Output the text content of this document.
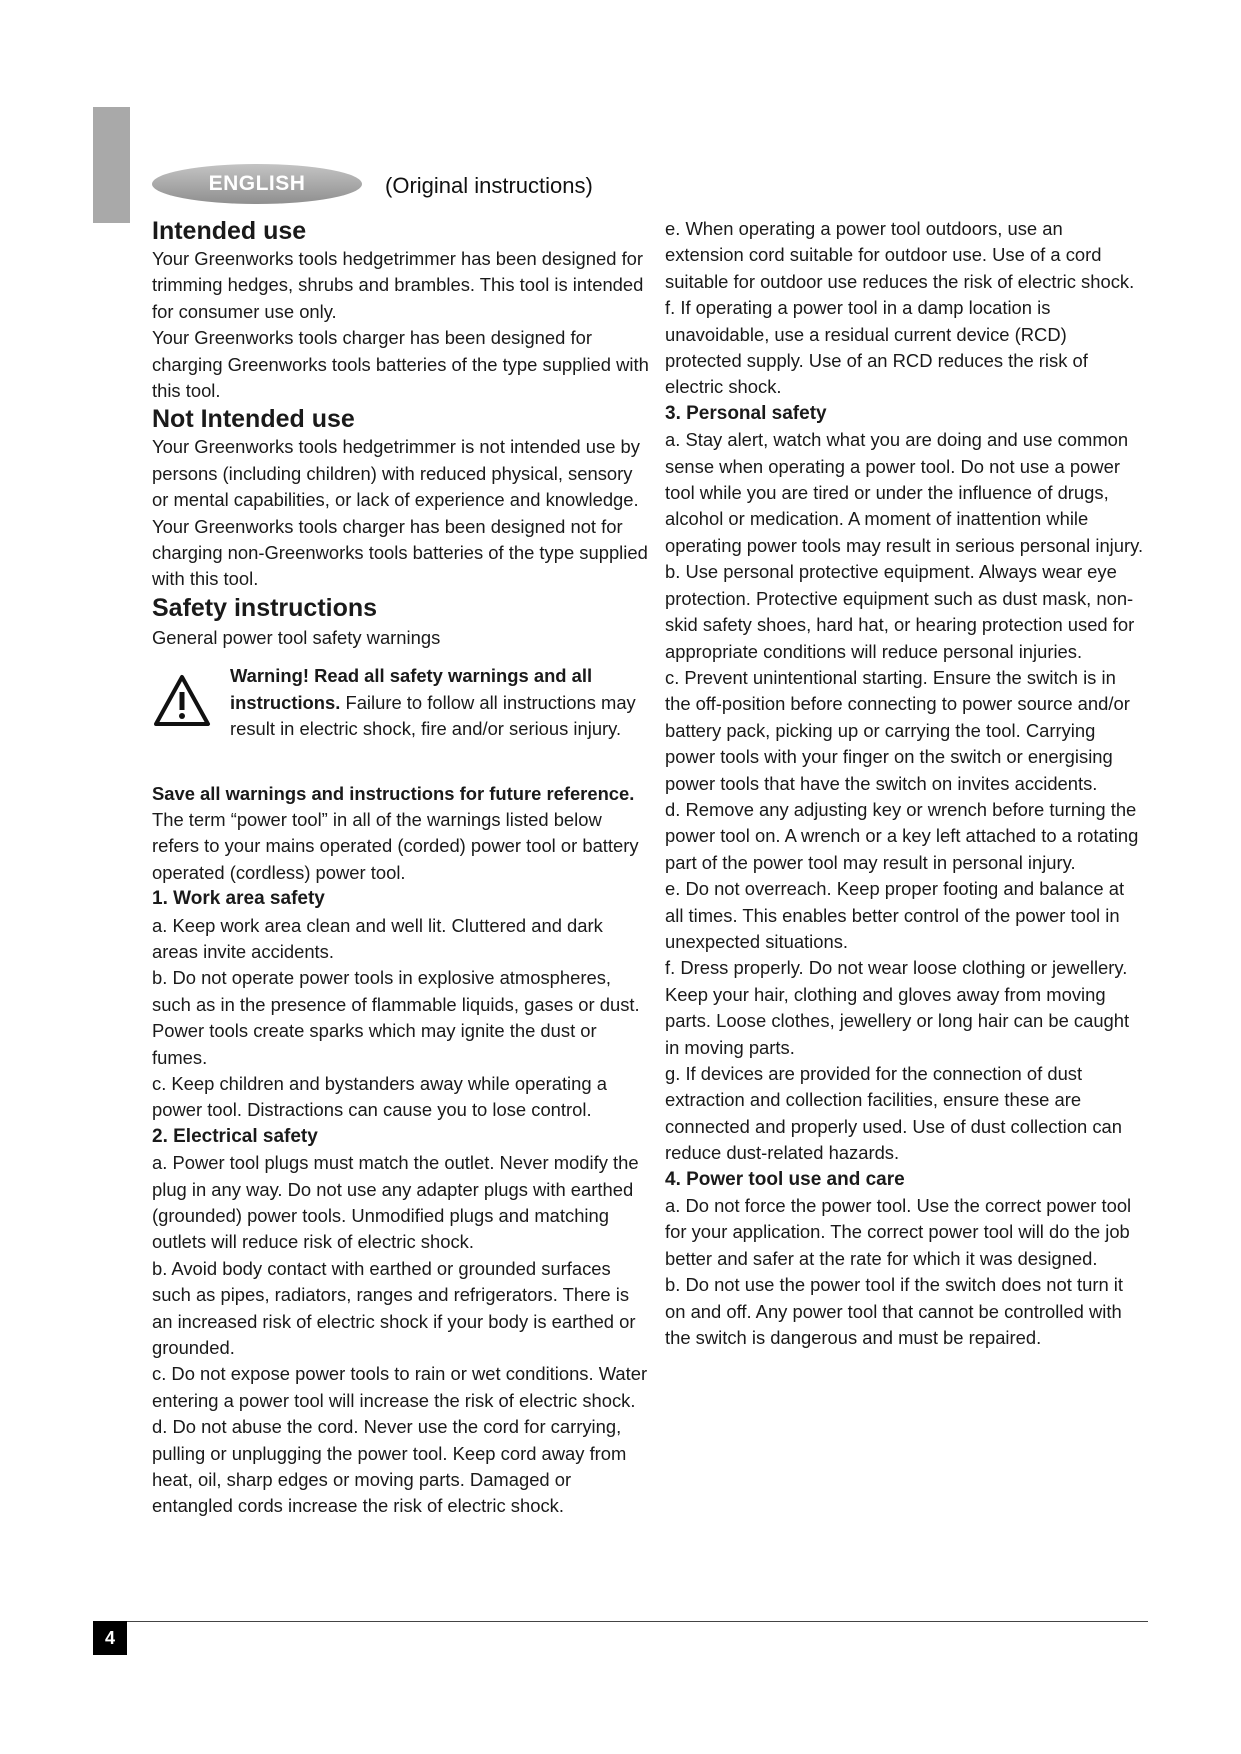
ENGLISH	(Original instructions)
Intended use

Your Greenworks tools hedgetrimmer has been designed for trimming hedges, shrubs and brambles. This tool is intended for consumer use only.

Your Greenworks tools charger has been designed for charging Greenworks tools batteries of the type supplied with this tool.

Not Intended use

Your Greenworks tools hedgetrimmer is not intended use by persons (including children) with reduced physical, sensory or mental capabilities, or lack of experience and knowledge.

Your Greenworks tools charger has been designed not for charging non-Greenworks tools batteries of the type supplied with this tool.

Safety instructions

General power tool safety warnings

Warning! Read all safety warnings and all instructions. Failure to follow all instructions may result in electric shock, fire and/or serious injury.

Save all warnings and instructions for future reference.

The term “power tool” in all of the warnings listed below refers to your mains operated (corded) power tool or battery operated (cordless) power tool.

1. Work area safety

a. Keep work area clean and well lit. Cluttered and dark areas invite accidents.

b. Do not operate power tools in explosive atmospheres, such as in the presence of flammable liquids, gases or dust. Power tools create sparks which may ignite the dust or fumes.

c. Keep children and bystanders away while operating a power tool. Distractions can cause you to lose control.

2. Electrical safety

a. Power tool plugs must match the outlet. Never modify the plug in any way. Do not use any adapter plugs with earthed (grounded) power tools. Unmodified plugs and matching outlets will reduce risk of electric shock.

b. Avoid body contact with earthed or grounded surfaces such as pipes, radiators, ranges and refrigerators. There is an increased risk of electric shock if your body is earthed or grounded.

c. Do not expose power tools to rain or wet conditions. Water entering a power tool will increase the risk of electric shock.

d. Do not abuse the cord. Never use the cord for carrying, pulling or unplugging the power tool. Keep cord away from heat, oil, sharp edges or moving parts. Damaged or entangled cords increase the risk of electric shock.

e. When operating a power tool outdoors, use an extension cord suitable for outdoor use. Use of a cord suitable for outdoor use reduces the risk of electric shock.

f. If operating a power tool in a damp location is unavoidable, use a residual current device (RCD) protected supply. Use of an RCD reduces the risk of electric shock.

3. Personal safety

a. Stay alert, watch what you are doing and use common sense when operating a power tool. Do not use a power tool while you are tired or under the influence of drugs, alcohol or medication. A moment of inattention while operating power tools may result in serious personal injury.

b. Use personal protective equipment. Always wear eye protection. Protective equipment such as dust mask, non-skid safety shoes, hard hat, or hearing protection used for appropriate conditions will reduce personal injuries.

c. Prevent unintentional starting. Ensure the switch is in the off-position before connecting to power source and/or battery pack, picking up or carrying the tool. Carrying power tools with your finger on the switch or energising power tools that have the switch on invites accidents.

d. Remove any adjusting key or wrench before turning the power tool on. A wrench or a key left attached to a rotating part of the power tool may result in personal injury.

e. Do not overreach. Keep proper footing and balance at all times. This enables better control of the power tool in unexpected situations.

f. Dress properly. Do not wear loose clothing or jewellery. Keep your hair, clothing and gloves away from moving parts. Loose clothes, jewellery or long hair can be caught in moving parts.

g. If devices are provided for the connection of dust extraction and collection facilities, ensure these are connected and properly used. Use of dust collection can reduce dust-related hazards.

4. Power tool use and care

a. Do not force the power tool. Use the correct power tool for your application. The correct power tool will do the job better and safer at the rate for which it was designed.

b. Do not use the power tool if the switch does not turn it on and off. Any power tool that cannot be controlled with the switch is dangerous and must be repaired.

4
